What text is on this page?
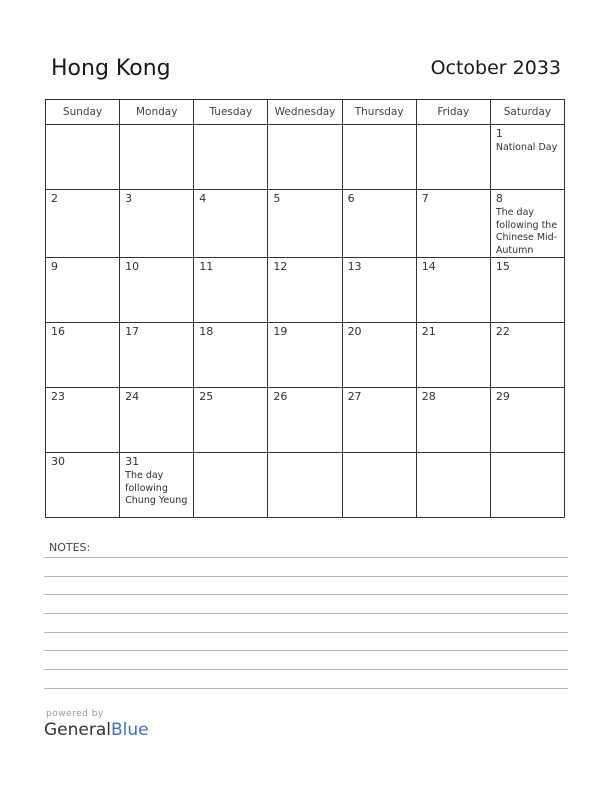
Hong Kong	October 2033
Sunday	Monday	Tuesday	Wednesday	Thursday	Friday	Saturday

						1
National Day

2	3	4	5	6	7	8
The day following the Chinese Mid-Autumn

9	10	11	12	13	14	15

16	17	18	19	20	21	22

23	24	25	26	27	28	29

30	31
The day following Chung Yeung					

NOTES:
powered by
GeneralBlue
